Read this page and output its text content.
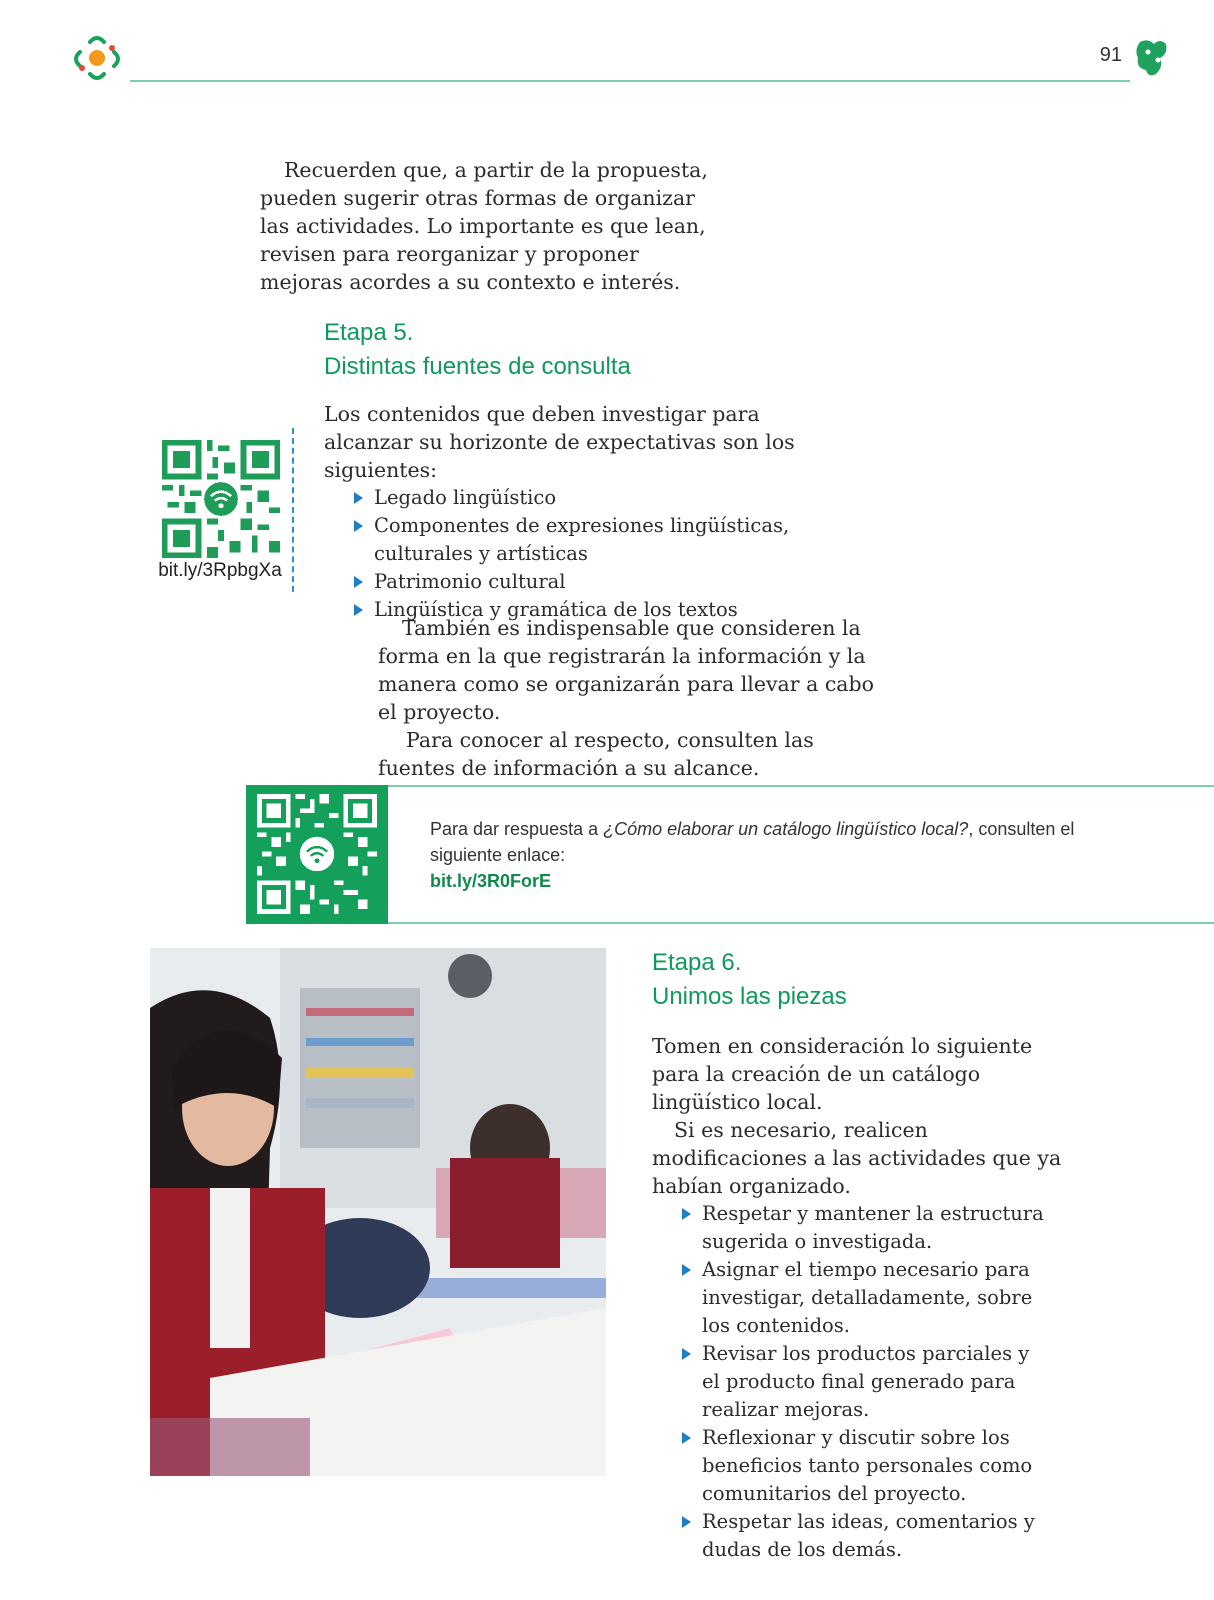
91

Recuerden que, a partir de la propuesta, pueden sugerir otras formas de organizar las actividades. Lo importante es que lean, revisen para reorganizar y proponer mejoras acordes a su contexto e interés.

Etapa 5.

Distintas fuentes de consulta

bit.ly/3RpbgXa

Los contenidos que deben investigar para alcanzar su horizonte de expectativas son los siguientes:

Legado lingüístico
Componentes de expresiones lingüísticas, culturales y artísticas
Patrimonio cultural
Lingüística y gramática de los textos

También es indispensable que consideren la forma en la que registrarán la información y la manera como se organizarán para llevar a cabo el proyecto.

Para conocer al respecto, consulten las fuentes de información a su alcance.

Para dar respuesta a ¿Cómo elaborar un catálogo lingüístico local?, consulten el siguiente enlace:
bit.ly/3R0ForE

Etapa 6.

Unimos las piezas

Tomen en consideración lo siguiente para la creación de un catálogo lingüístico local.

Si es necesario, realicen modificaciones a las actividades que ya habían organizado.

Respetar y mantener la estructura sugerida o investigada.
Asignar el tiempo necesario para investigar, detalladamente, sobre los contenidos.
Revisar los productos parciales y el producto final generado para realizar mejoras.
Reflexionar y discutir sobre los beneficios tanto personales como comunitarios del proyecto.
Respetar las ideas, comentarios y dudas de los demás.
